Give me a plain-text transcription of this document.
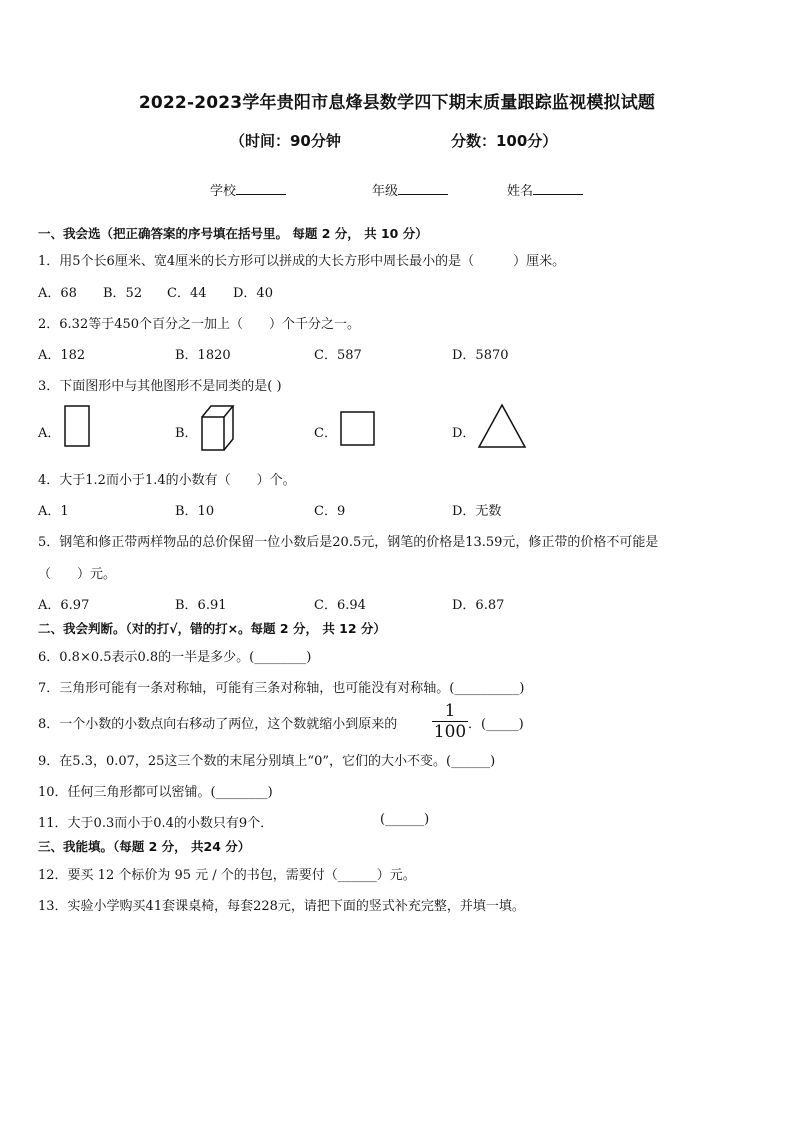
2022-2023学年贵阳市息烽县数学四下期末质量跟踪监视模拟试题
（时间：90分钟	分数：100分）
学校	年级	姓名
一、我会选（把正确答案的序号填在括号里。 每题 2 分， 共 10 分）
1．用5个长6厘米、宽4厘米的长方形可以拼成的大长方形中周长最小的是（　　　）厘米。
A．68 B．52 C．44 D．40
2．6.32等于450个百分之一加上（　　）个千分之一。
A．182	B．1820	C．587	D．5870
3．下面图形中与其他图形不是同类的是( )
A．	B．	C．	D．
4．大于1.2而小于1.4的小数有（　　）个。
A．1	B．10	C．9	D．无数
5．钢笔和修正带两样物品的总价保留一位小数后是20.5元，钢笔的价格是13.59元，修正带的价格不可能是
（　　）元。
A．6.97	B．6.91	C．6.94	D．6.87
二、我会判断。（对的打√，错的打×。每题 2 分， 共 12 分）
6．0.8×0.5表示0.8的一半是多少。(________)
7．三角形可能有一条对称轴，可能有三条对称轴，也可能没有对称轴。(__________)
8．一个小数的小数点向右移动了两位，这个数就缩小到原来的
1
100 ．(_____)
9．在5.3，0.07，25这三个数的末尾分别填上“0”，它们的大小不变。(______)
10．任何三角形都可以密铺。(________)
11．大于0.3而小于0.4的小数只有9个．	(______)
三、我能填。（每题 2 分， 共24 分）
12．要买 12 个标价为 95 元 / 个的书包，需要付（______）元。
13．实验小学购买41套课桌椅，每套228元，请把下面的竖式补充完整，并填一填。
